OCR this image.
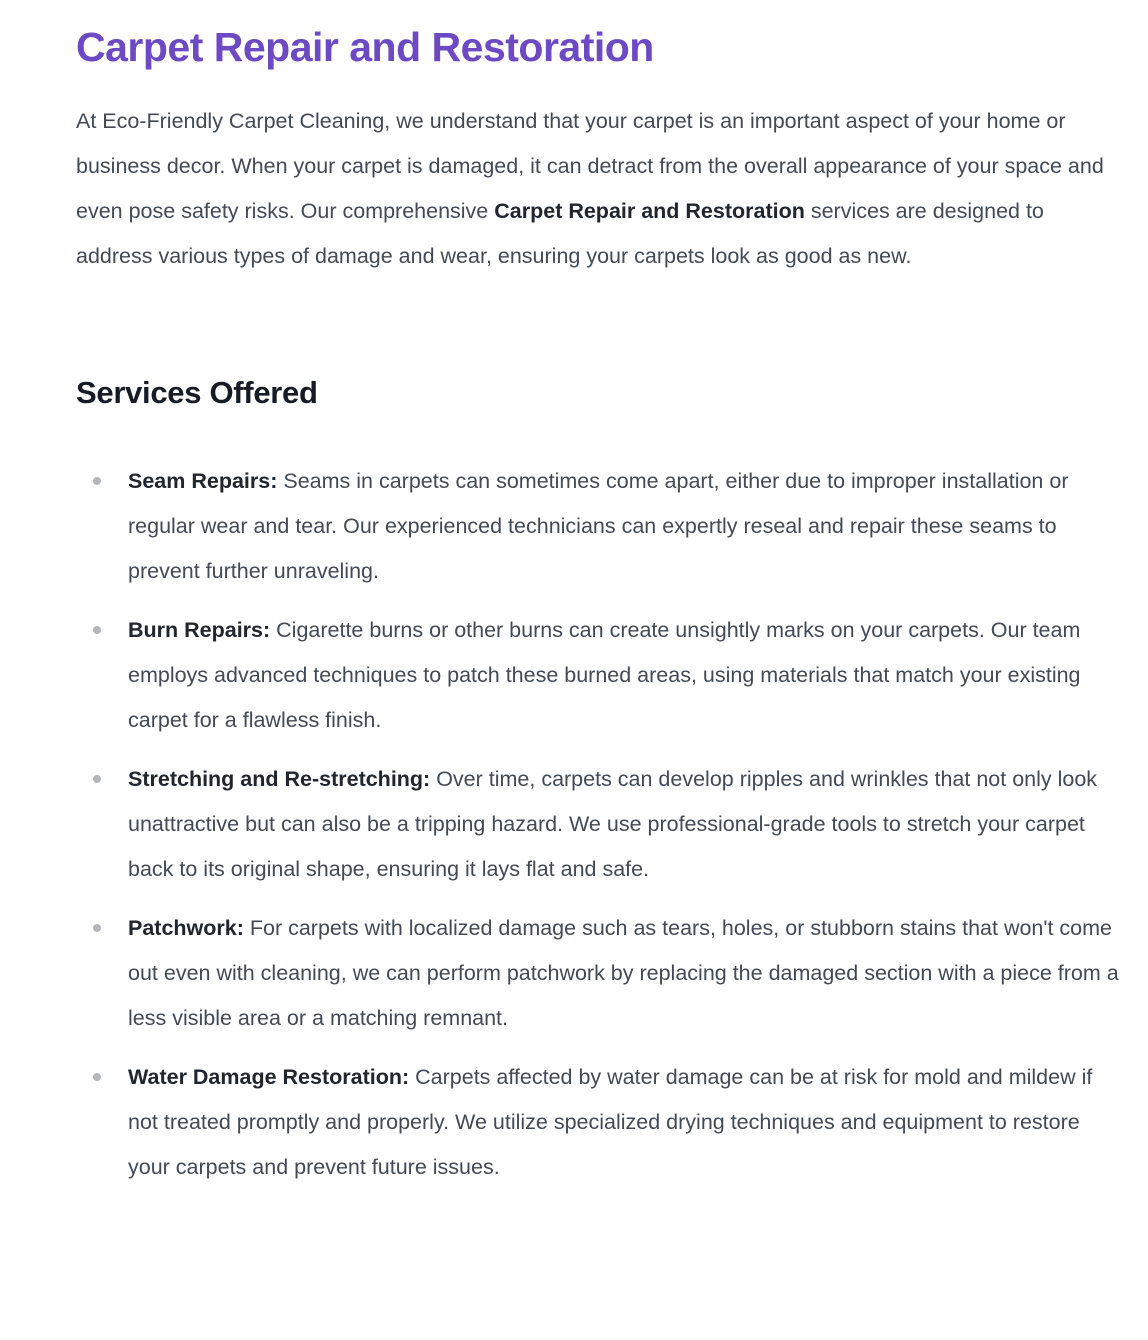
Carpet Repair and Restoration

At Eco-Friendly Carpet Cleaning, we understand that your carpet is an important aspect of your home or business decor. When your carpet is damaged, it can detract from the overall appearance of your space and even pose safety risks. Our comprehensive Carpet Repair and Restoration services are designed to address various types of damage and wear, ensuring your carpets look as good as new.

Services Offered
Seam Repairs: Seams in carpets can sometimes come apart, either due to improper installation or regular wear and tear. Our experienced technicians can expertly reseal and repair these seams to prevent further unraveling.
Burn Repairs: Cigarette burns or other burns can create unsightly marks on your carpets. Our team employs advanced techniques to patch these burned areas, using materials that match your existing carpet for a flawless finish.
Stretching and Re-stretching: Over time, carpets can develop ripples and wrinkles that not only look unattractive but can also be a tripping hazard. We use professional-grade tools to stretch your carpet back to its original shape, ensuring it lays flat and safe.
Patchwork: For carpets with localized damage such as tears, holes, or stubborn stains that won't come out even with cleaning, we can perform patchwork by replacing the damaged section with a piece from a less visible area or a matching remnant.
Water Damage Restoration: Carpets affected by water damage can be at risk for mold and mildew if not treated promptly and properly. We utilize specialized drying techniques and equipment to restore your carpets and prevent future issues.
